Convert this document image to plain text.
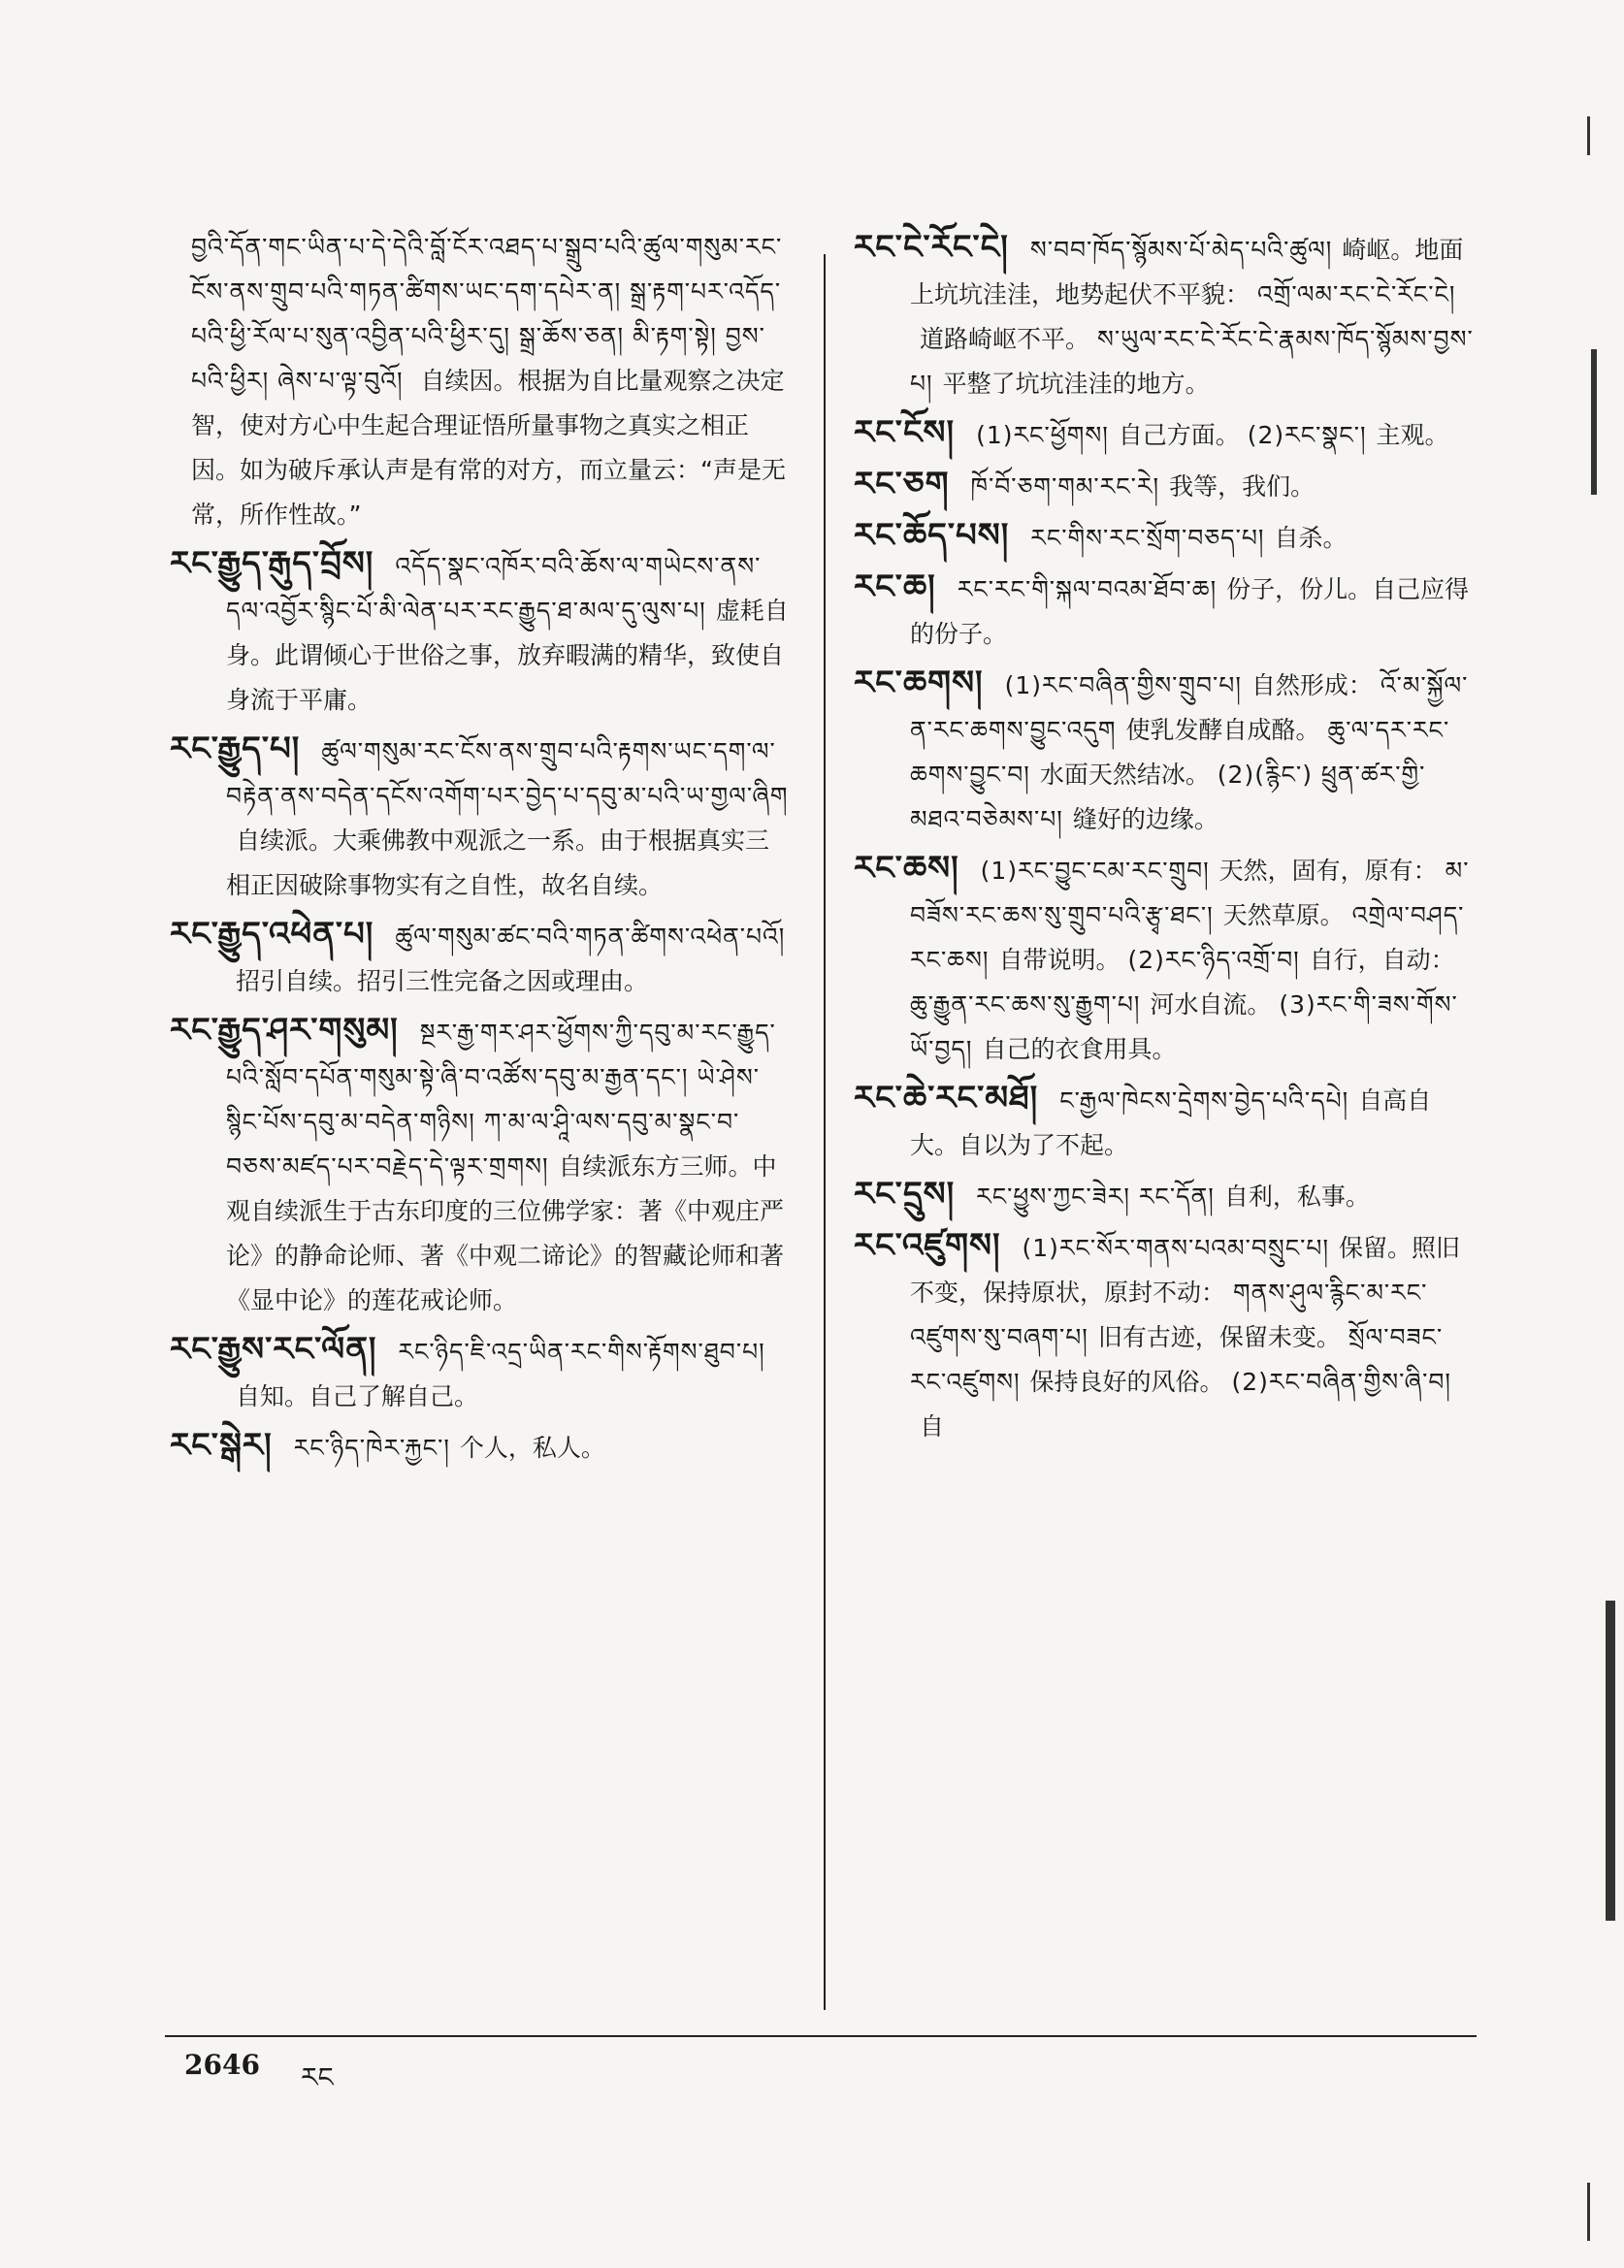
བྱའི་དོན་གང་ཡིན་པ་དེ་དེའི་བློ་ངོར་འཐད་པ་སྒྲུབ་པའི་ཚུལ་གསུམ་རང་ངོས་ནས་གྲུབ་པའི་གཏན་ཚིགས་ཡང་དག་དཔེར་ན། སྒྲ་རྟག་པར་འདོད་པའི་ཕྱི་རོལ་པ་སུན་འབྱིན་པའི་ཕྱིར་དུ། སྒྲ་ཆོས་ཅན། མི་རྟག་སྟེ། བྱས་པའི་ཕྱིར། ཞེས་པ་ལྟ་བུའོ། 自续因。根据为自比量观察之决定智，使对方心中生起合理证悟所量事物之真实之相正因。如为破斥承认声是有常的对方，而立量云：“声是无常，所作性故。”
རང་རྒྱུད་རྒུད་བྲོས། འདོད་སྣང་འཁོར་བའི་ཆོས་ལ་གཡེངས་ནས་དལ་འབྱོར་སྙིང་པོ་མི་ལེན་པར་རང་རྒྱུད་ཐ་མལ་དུ་ལུས་པ། 虚耗自身。此谓倾心于世俗之事，放弃暇满的精华，致使自身流于平庸。
རང་རྒྱུད་པ། ཚུལ་གསུམ་རང་ངོས་ནས་གྲུབ་པའི་རྟགས་ཡང་དག་ལ་བརྟེན་ནས་བདེན་དངོས་འགོག་པར་བྱེད་པ་དབུ་མ་པའི་ཡ་གྱལ་ཞིག自续派。大乘佛教中观派之一系。由于根据真实三相正因破除事物实有之自性，故名自续。
རང་རྒྱུད་འཕེན་པ། ཚུལ་གསུམ་ཚང་བའི་གཏན་ཚིགས་འཕེན་པའོ།招引自续。招引三性完备之因或理由。
རང་རྒྱུད་ཤར་གསུམ། སྔར་རྒྱ་གར་ཤར་ཕྱོགས་ཀྱི་དབུ་མ་རང་རྒྱུད་པའི་སློབ་དཔོན་གསུམ་སྟེ་ཞི་བ་འཚོས་དབུ་མ་རྒྱན་དང་། ཡེ་ཤེས་སྙིང་པོས་དབུ་མ་བདེན་གཉིས། ཀ་མ་ལ་ཤཱི་ལས་དབུ་མ་སྣང་བ་བཅས་མཛད་པར་བརྗེད་དེ་ལྟར་གྲགས། 自续派东方三师。中观自续派生于古东印度的三位佛学家：著《中观庄严论》的静命论师、著《中观二谛论》的智藏论师和著《显中论》的莲花戒论师。
རང་རྒྱུས་རང་ལོན། རང་ཉིད་ཇི་འདྲ་ཡིན་རང་གིས་རྟོགས་ཐུབ་པ།自知。自己了解自己。
རང་སྒེར། རང་ཉིད་ཁེར་རྐྱང་། 个人，私人。
རང་ངེ་རོང་ངེ། ས་བབ་ཁོད་སྙོམས་པོ་མེད་པའི་ཚུལ། 崎岖。地面上坑坑洼洼，地势起伏不平貌： འགྲོ་ལམ་རང་ངེ་རོང་ངེ།道路崎岖不平。 ས་ཡུལ་རང་ངེ་རོང་ངེ་རྣམས་ཁོད་སྙོམས་བྱས་པ། 平整了坑坑洼洼的地方。
རང་ངོས། (1)རང་ཕྱོགས། 自己方面。 (2)རང་སྣང་། 主观。
རང་ཅག ཁོ་བོ་ཅག་གམ་རང་རེ། 我等，我们。
རང་ཆོད་པས། རང་གིས་རང་སྲོག་བཅད་པ། 自杀。
རང་ཆ། རང་རང་གི་སྐལ་བའམ་ཐོབ་ཆ། 份子，份儿。自己应得的份子。
རང་ཆགས། (1)རང་བཞིན་གྱིས་གྲུབ་པ། 自然形成： འོ་མ་སྐྱོལ་ན་རང་ཆགས་བྱུང་འདུག 使乳发酵自成酪。 ཆུ་ལ་དར་རང་ཆགས་བྱུང་བ། 水面天然结冰。 (2)(རྙིང་) ཕྲུན་ཚར་གྱི་མཐའ་བཅེམས་པ། 缝好的边缘。
རང་ཆས། (1)རང་བྱུང་ངམ་རང་གྲུབ། 天然，固有，原有： མ་བཟོས་རང་ཆས་སུ་གྲུབ་པའི་རྩྭ་ཐང་། 天然草原。 འགྲེལ་བཤད་རང་ཆས། 自带说明。 (2)རང་ཉིད་འགྲོ་བ། 自行，自动： ཆུ་རྒྱུན་རང་ཆས་སུ་རྒྱུག་པ། 河水自流。 (3)རང་གི་ཟས་གོས་ཡོ་བྱད། 自己的衣食用具。
རང་ཆེ་རང་མཐོ། ང་རྒྱལ་ཁེངས་དྲེགས་བྱེད་པའི་དཔེ། 自高自大。自以为了不起。
རང་དྲུས། རང་ཕྱུས་ཀྱང་ཟེར། རང་དོན། 自利，私事。
རང་འཛུགས། (1)རང་སོར་གནས་པའམ་བསྲུང་པ། 保留。照旧不变，保持原状，原封不动： གནས་ཤུལ་རྙིང་མ་རང་འཛུགས་སུ་བཞག་པ། 旧有古迹，保留未变。 སྲོལ་བཟང་རང་འཛུགས། 保持良好的风俗。 (2)རང་བཞིན་གྱིས་ཞི་བ།自
2646 རང
